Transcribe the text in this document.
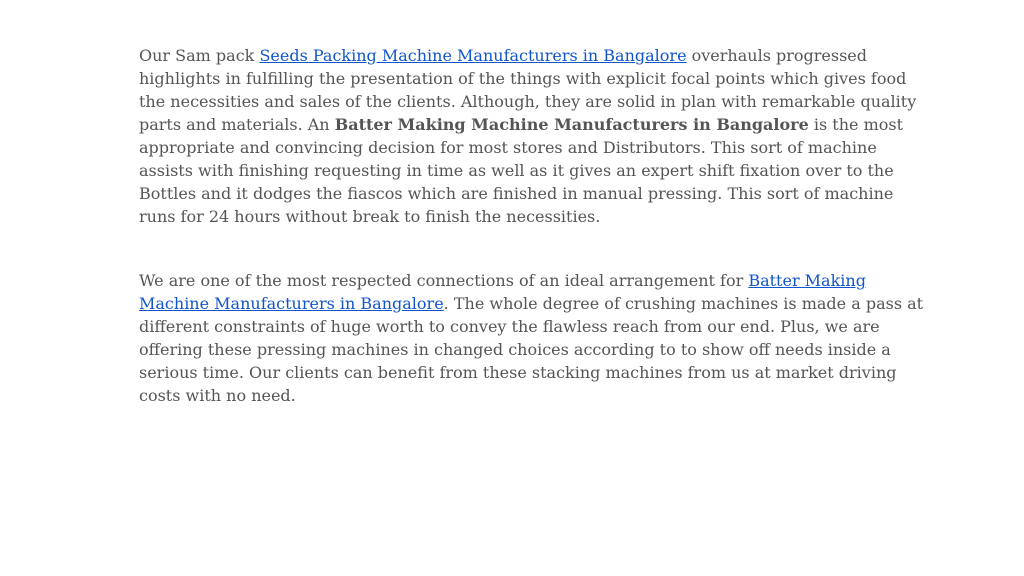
Our Sam pack Seeds Packing Machine Manufacturers in Bangalore overhauls progressed highlights in fulfilling the presentation of the things with explicit focal points which gives food the necessities and sales of the clients. Although, they are solid in plan with remarkable quality parts and materials. An Batter Making Machine Manufacturers in Bangalore is the most appropriate and convincing decision for most stores and Distributors. This sort of machine assists with finishing requesting in time as well as it gives an expert shift fixation over to the Bottles and it dodges the fiascos which are finished in manual pressing. This sort of machine runs for 24 hours without break to finish the necessities.

We are one of the most respected connections of an ideal arrangement for Batter Making Machine Manufacturers in Bangalore. The whole degree of crushing machines is made a pass at different constraints of huge worth to convey the flawless reach from our end. Plus, we are offering these pressing machines in changed choices according to to show off needs inside a serious time. Our clients can benefit from these stacking machines from us at market driving costs with no need.
